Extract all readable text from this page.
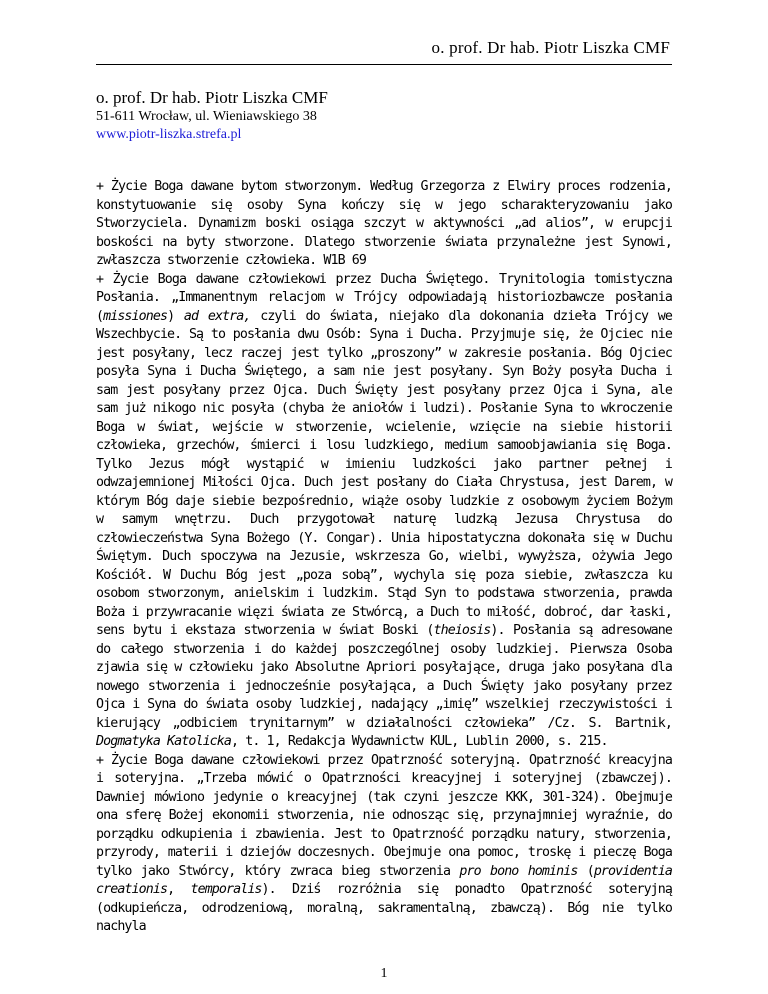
o. prof. Dr hab. Piotr Liszka CMF
o. prof. Dr hab. Piotr Liszka CMF
51-611 Wrocław, ul. Wieniawskiego 38
www.piotr-liszka.strefa.pl

+ Życie Boga dawane bytom stworzonym. Według Grzegorza z Elwiry proces rodzenia, konstytuowanie się osoby Syna kończy się w jego scharakteryzowaniu jako Stworzyciela. Dynamizm boski osiąga szczyt w aktywności „ad alios”, w erupcji boskości na byty stworzone. Dlatego stworzenie świata przynależne jest Synowi, zwłaszcza stworzenie człowieka. W1B 69

+ Życie Boga dawane człowiekowi przez Ducha Świętego. Trynitologia tomistyczna Posłania. „Immanentnym relacjom w Trójcy odpowiadają historiozbawcze posłania (missiones) ad extra, czyli do świata, niejako dla dokonania dzieła Trójcy we Wszechbycie. Są to posłania dwu Osób: Syna i Ducha. Przyjmuje się, że Ojciec nie jest posyłany, lecz raczej jest tylko „proszony” w zakresie posłania. Bóg Ojciec posyła Syna i Ducha Świętego, a sam nie jest posyłany. Syn Boży posyła Ducha i sam jest posyłany przez Ojca. Duch Święty jest posyłany przez Ojca i Syna, ale sam już nikogo nic posyła (chyba że aniołów i ludzi). Posłanie Syna to wkroczenie Boga w świat, wejście w stworzenie, wcielenie, wzięcie na siebie historii człowieka, grzechów, śmierci i losu ludzkiego, medium samoobjawiania się Boga. Tylko Jezus mógł wystąpić w imieniu ludzkości jako partner pełnej i odwzajemnionej Miłości Ojca. Duch jest posłany do Ciała Chrystusa, jest Darem, w którym Bóg daje siebie bezpośrednio, wiąże osoby ludzkie z osobowym życiem Bożym w samym wnętrzu. Duch przygotował naturę ludzką Jezusa Chrystusa do człowieczeństwa Syna Bożego (Y. Congar). Unia hipostatyczna dokonała się w Duchu Świętym. Duch spoczywa na Jezusie, wskrzesza Go, wielbi, wywyższa, ożywia Jego Kościół. W Duchu Bóg jest „poza sobą”, wychyla się poza siebie, zwłaszcza ku osobom stworzonym, anielskim i ludzkim. Stąd Syn to podstawa stworzenia, prawda Boża i przywracanie więzi świata ze Stwórcą, a Duch to miłość, dobroć, dar łaski, sens bytu i ekstaza stworzenia w świat Boski (theiosis). Posłania są adresowane do całego stworzenia i do każdej poszczególnej osoby ludzkiej. Pierwsza Osoba zjawia się w człowieku jako Absolutne Apriori posyłające, druga jako posyłana dla nowego stworzenia i jednocześnie posyłająca, a Duch Święty jako posyłany przez Ojca i Syna do świata osoby ludzkiej, nadający „imię” wszelkiej rzeczywistości i kierujący „odbiciem trynitarnym” w działalności człowieka” /Cz. S. Bartnik, Dogmatyka Katolicka, t. 1, Redakcja Wydawnictw KUL, Lublin 2000, s. 215.

+ Życie Boga dawane człowiekowi przez Opatrzność soteryjną. Opatrzność kreacyjna i soteryjna. „Trzeba mówić o Opatrzności kreacyjnej i soteryjnej (zbawczej). Dawniej mówiono jedynie o kreacyjnej (tak czyni jeszcze KKK, 301-324). Obejmuje ona sferę Bożej ekonomii stworzenia, nie odnosząc się, przynajmniej wyraźnie, do porządku odkupienia i zbawienia. Jest to Opatrzność porządku natury, stworzenia, przyrody, materii i dziejów doczesnych. Obejmuje ona pomoc, troskę i pieczę Boga tylko jako Stwórcy, który zwraca bieg stworzenia pro bono hominis (providentia creationis, temporalis). Dziś rozróżnia się ponadto Opatrzność soteryjną (odkupieńcza, odrodzeniową, moralną, sakramentalną, zbawczą). Bóg nie tylko nachyla

1
